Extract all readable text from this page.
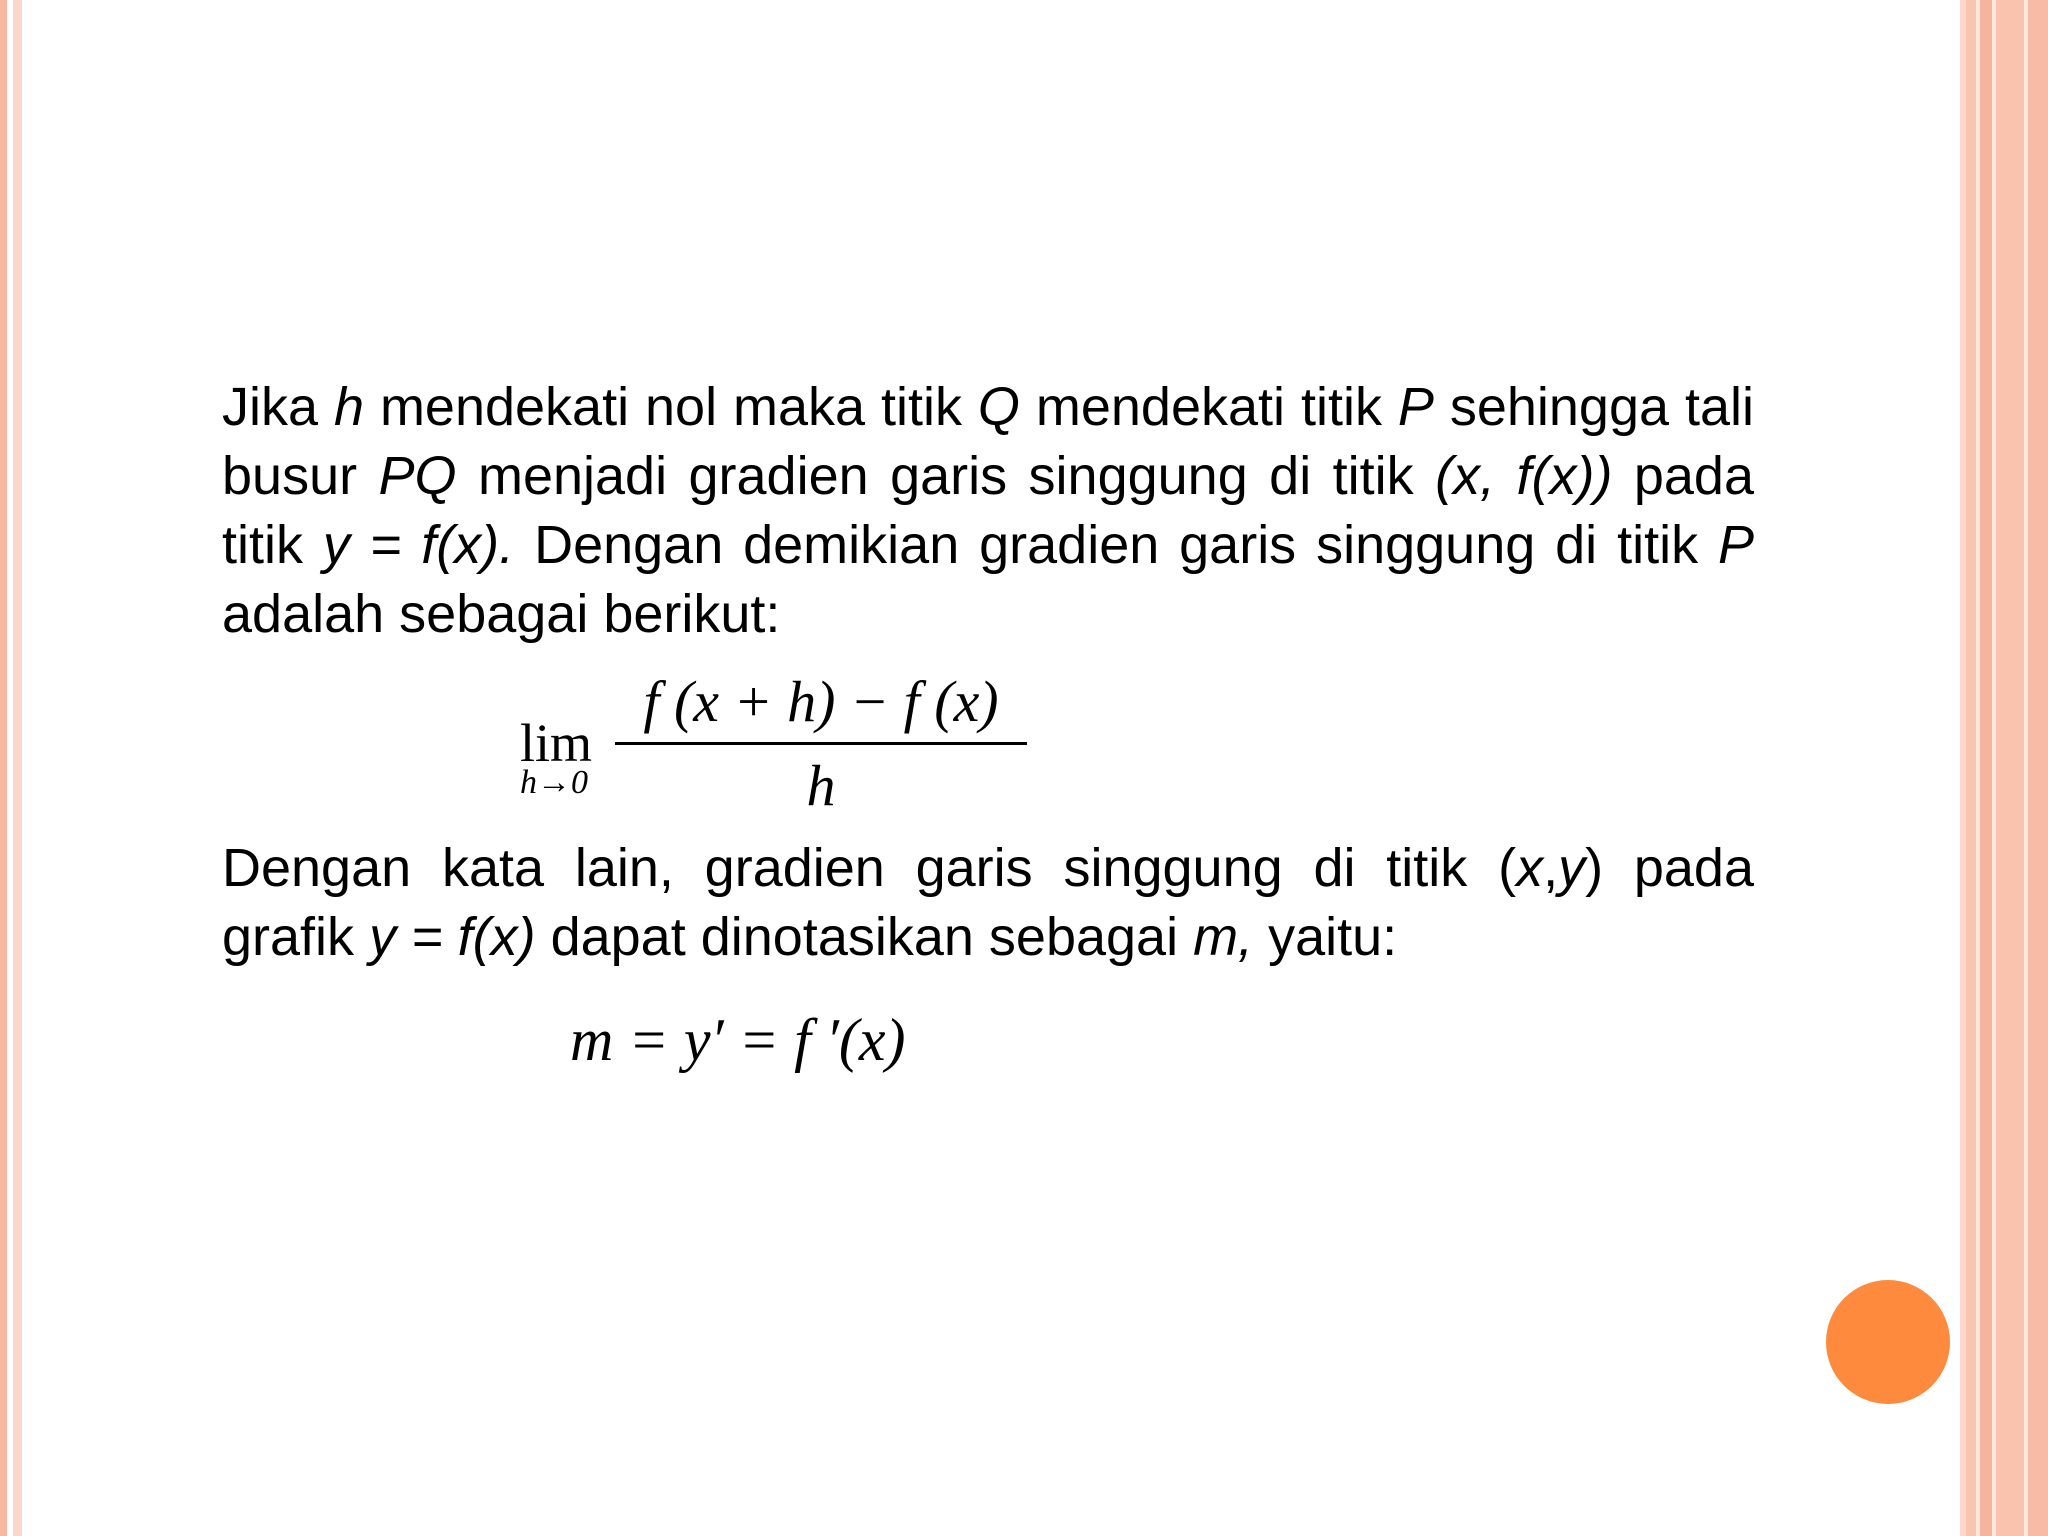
Jika h mendekati nol maka titik Q mendekati titik P sehingga tali busur PQ menjadi gradien garis singgung di titik (x, f(x)) pada titik y = f(x). Dengan demikian gradien garis singgung di titik P adalah sebagai berikut:
lim
h→0
f (x + h) − f (x)
h
Dengan kata lain, gradien garis singgung di titik (x,y) pada grafik y = f(x) dapat dinotasikan sebagai m, yaitu:
m = y′ = f ′(x)
